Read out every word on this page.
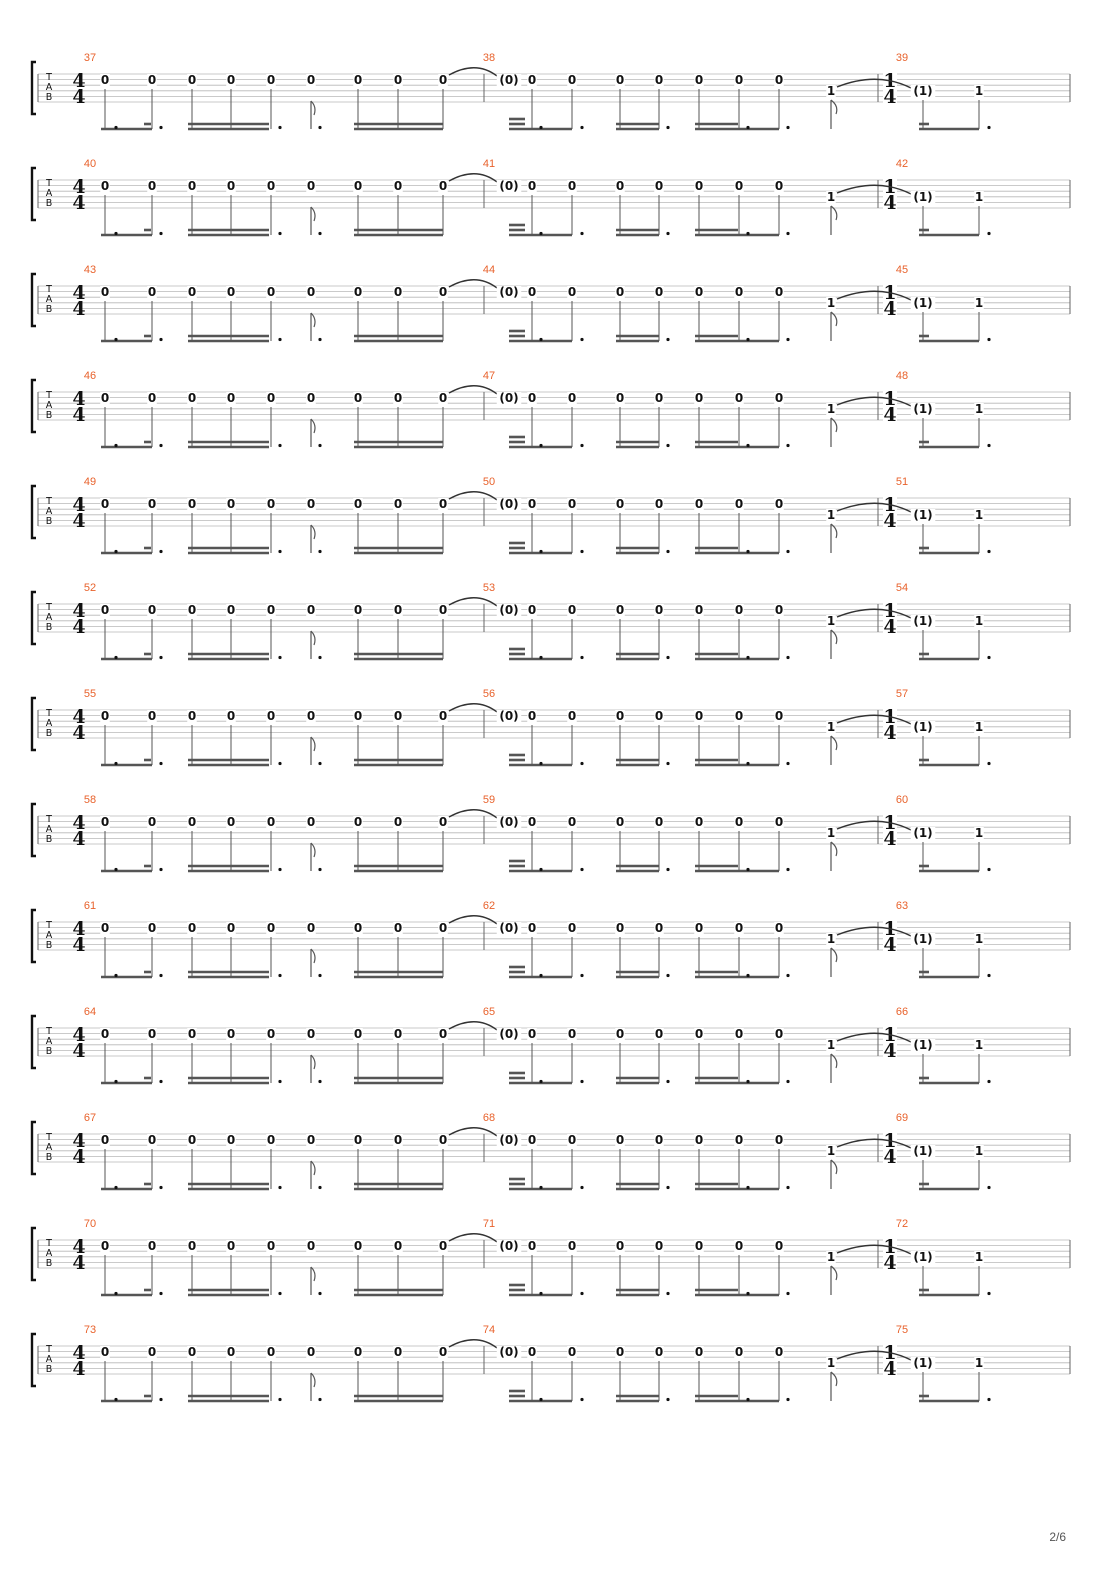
T
A
B
4
4
1
4
37	38	39
0	0	0	0	0	0	0	0	0	(0) 0	0	0	0	0	0	0
1	(1)	1
T
A
B
4
4
1
4
40	41	42
0	0	0	0	0	0	0	0	0	(0) 0	0	0	0	0	0	0
1	(1)	1
T
A
B
4
4
1
4
43	44	45
0	0	0	0	0	0	0	0	0	(0) 0	0	0	0	0	0	0
1	(1)	1
T
A
B
4
4
1
4
46	47	48
0	0	0	0	0	0	0	0	0	(0) 0	0	0	0	0	0	0
1	(1)	1
T
A
B
4
4
1
4
49	50	51
0	0	0	0	0	0	0	0	0	(0) 0	0	0	0	0	0	0
1	(1)	1
T
A
B
4
4
1
4
52	53	54
0	0	0	0	0	0	0	0	0	(0) 0	0	0	0	0	0	0
1	(1)	1
T
A
B
4
4
1
4
55	56	57
0	0	0	0	0	0	0	0	0	(0) 0	0	0	0	0	0	0
1	(1)	1
T
A
B
4
4
1
4
58	59	60
0	0	0	0	0	0	0	0	0	(0) 0	0	0	0	0	0	0
1	(1)	1
T
A
B
4
4
1
4
61	62	63
0	0	0	0	0	0	0	0	0	(0) 0	0	0	0	0	0	0
1	(1)	1
T
A
B
4
4
1
4
64	65	66
0	0	0	0	0	0	0	0	0	(0) 0	0	0	0	0	0	0
1	(1)	1
T
A
B
4
4
1
4
67	68	69
0	0	0	0	0	0	0	0	0	(0) 0	0	0	0	0	0	0
1	(1)	1
T
A
B
4
4
1
4
70	71	72
0	0	0	0	0	0	0	0	0	(0) 0	0	0	0	0	0	0
1	(1)	1
T
A
B
4
4
1
4
73	74	75
0	0	0	0	0	0	0	0	0	(0) 0	0	0	0	0	0	0
1	(1)	1
2/6
